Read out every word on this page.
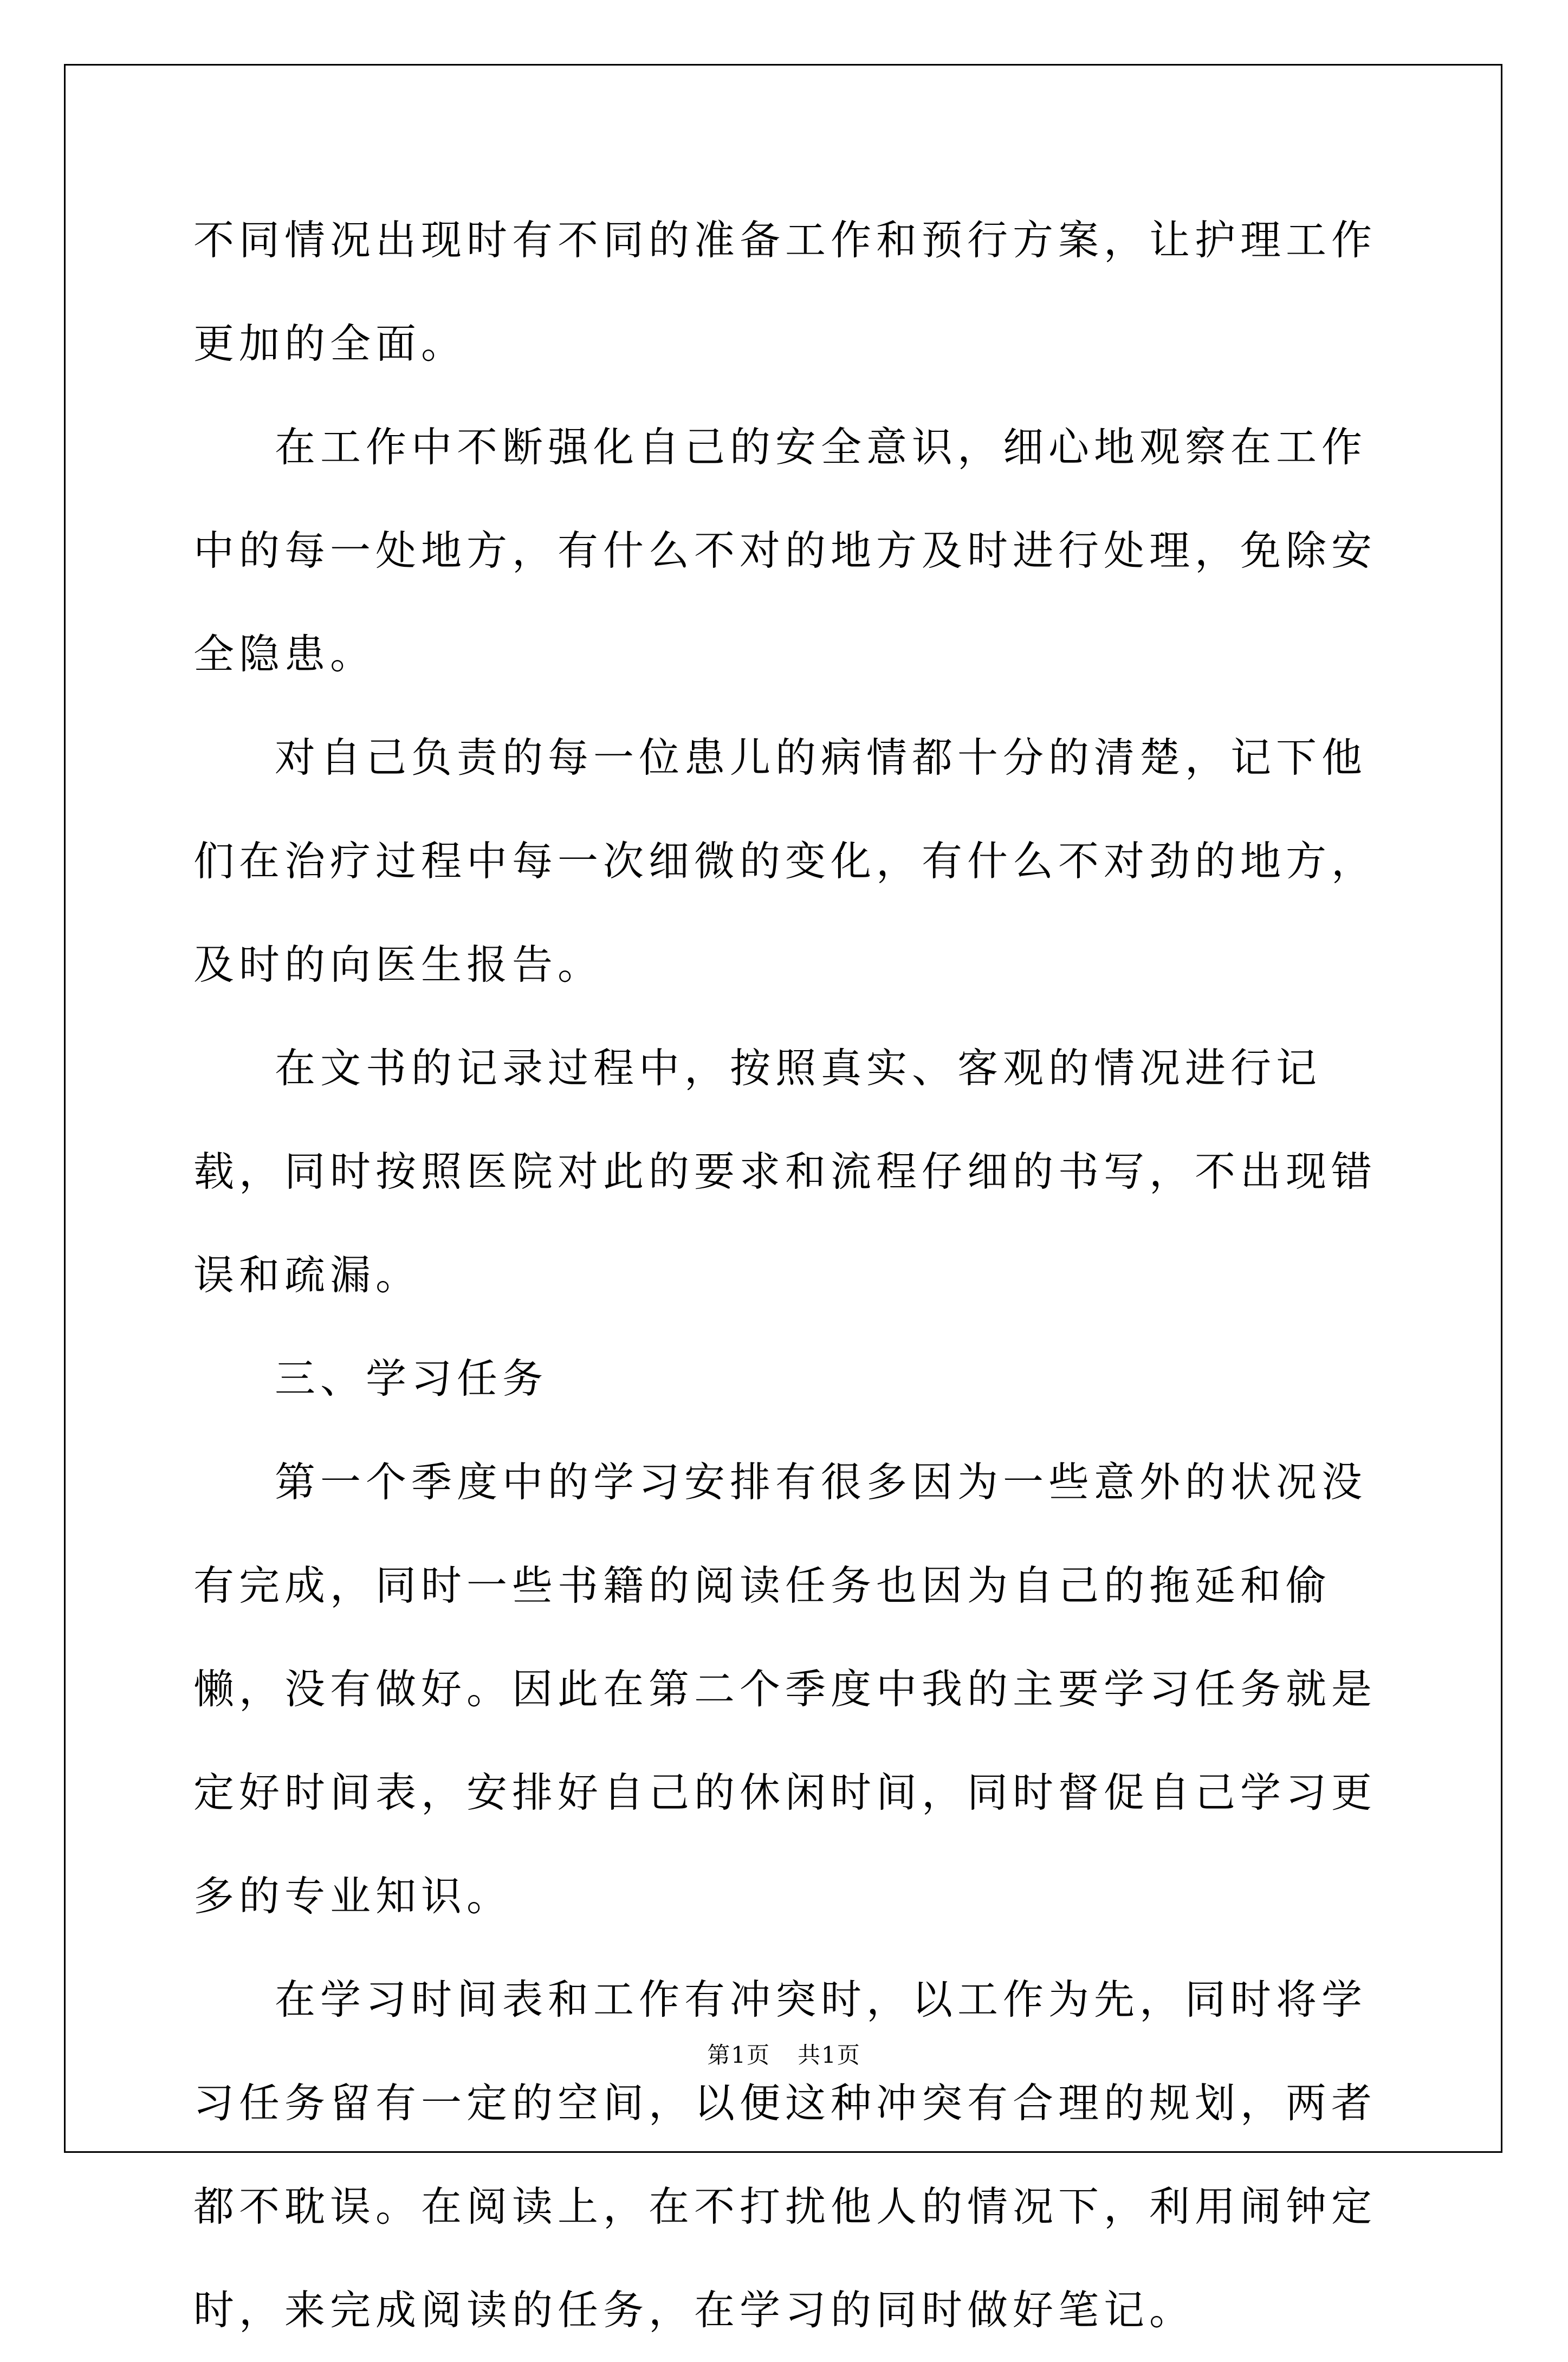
不同情况出现时有不同的准备工作和预行方案，让护理工作更加的全面。

在工作中不断强化自己的安全意识，细心地观察在工作中的每一处地方，有什么不对的地方及时进行处理，免除安全隐患。

对自己负责的每一位患儿的病情都十分的清楚，记下他们在治疗过程中每一次细微的变化，有什么不对劲的地方，及时的向医生报告。

在文书的记录过程中，按照真实、客观的情况进行记载，同时按照医院对此的要求和流程仔细的书写，不出现错误和疏漏。

三、学习任务

第一个季度中的学习安排有很多因为一些意外的状况没有完成，同时一些书籍的阅读任务也因为自己的拖延和偷懒，没有做好。因此在第二个季度中我的主要学习任务就是定好时间表，安排好自己的休闲时间，同时督促自己学习更多的专业知识。

在学习时间表和工作有冲突时，以工作为先，同时将学习任务留有一定的空间，以便这种冲突有合理的规划，两者都不耽误。在阅读上，在不打扰他人的情况下，利用闹钟定时，来完成阅读的任务，在学习的同时做好笔记。

第1页 共1页
